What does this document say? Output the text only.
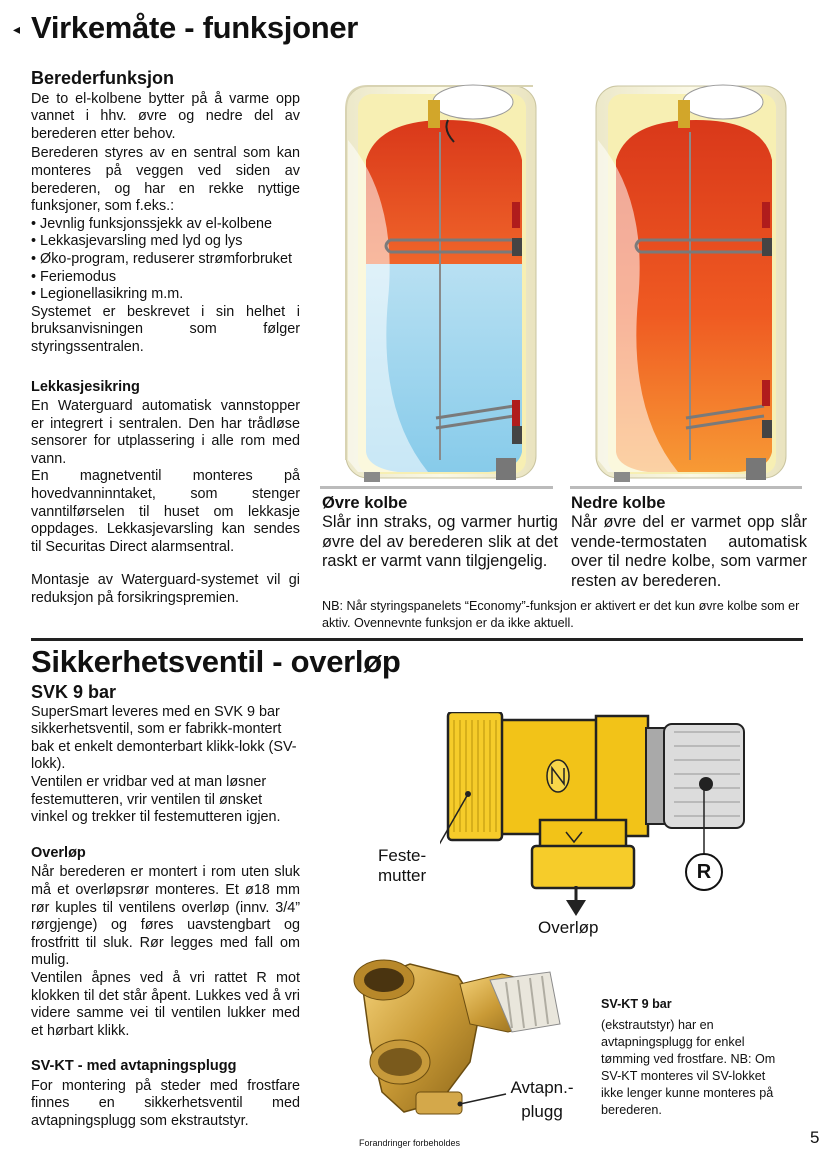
◂ Virkemåte - funksjoner
Berederfunksjon

De to el-kolbene bytter på å varme opp vannet i hhv. øvre og nedre del av berederen etter behov.

Berederen styres av en sentral som kan monteres på veggen ved siden av berederen, og har en rekke nyttige funksjoner, som f.eks.:

• Jevnlig funksjonssjekk av el-kolbene
• Lekkasjevarsling med lyd og lys
• Øko-program, reduserer strømforbruket
• Feriemodus
• Legionellasikring m.m.

Systemet er beskrevet i sin helhet i bruksanvisningen som følger styringssentralen.

Lekkasjesikring

En Waterguard automatisk vannstopper er integrert i sentralen. Den har trådløse sensorer for utplassering i alle rom med vann.

En magnetventil monteres på hovedvanninntaket, som stenger vanntilførselen til huset om lekkasje oppdages. Lekkasjevarsling kan sendes til Securitas Direct alarmsentral.

Montasje av Waterguard-systemet vil gi reduksjon på forsikringspremien.

Øvre kolbe
Slår inn straks, og varmer hurtig øvre del av berederen slik at det raskt er varmt vann tilgjengelig.
Nedre kolbe
Når øvre del er varmet opp slår vende-termostaten automatisk over til nedre kolbe, som varmer resten av berederen.
NB: Når styringspanelets “Economy”-funksjon er aktivert er det kun øvre kolbe som er aktiv. Ovennevnte funksjon er da ikke aktuell.
Sikkerhetsventil - overløp
SVK 9 bar

SuperSmart leveres med en SVK 9 bar sikkerhetsventil, som er fabrikk-montert bak et enkelt demonterbart klikk-lokk (SV-lokk).

Ventilen er vridbar ved at man løsner festemutteren, vrir ventilen til ønsket vinkel og trekker til festemutteren igjen.

Overløp

Når berederen er montert i rom uten sluk må et overløpsrør monteres. Et ø18 mm rør kuples til ventilens overløp (innv. 3/4” rørgjenge) og føres uavstengbart og frostfritt til sluk. Rør legges med fall om mulig.

Ventilen åpnes ved å vri rattet R mot klokken til det står åpent. Lukkes ved å vri videre samme vei til ventilen lukker med et hørbart klikk.

SV-KT - med avtapningsplugg

For montering på steder med frostfare finnes en sikkerhetsventil med avtapningsplugg som ekstrautstyr.

Feste-
mutter	R
Overløp
Avtapn.-
plugg
SV-KT 9 bar
(ekstrautstyr) har en avtapningsplugg for enkel tømming ved frostfare. NB: Om SV-KT monteres vil SV-lokket ikke lenger kunne monteres på berederen.
Forandringer forbeholdes	5
